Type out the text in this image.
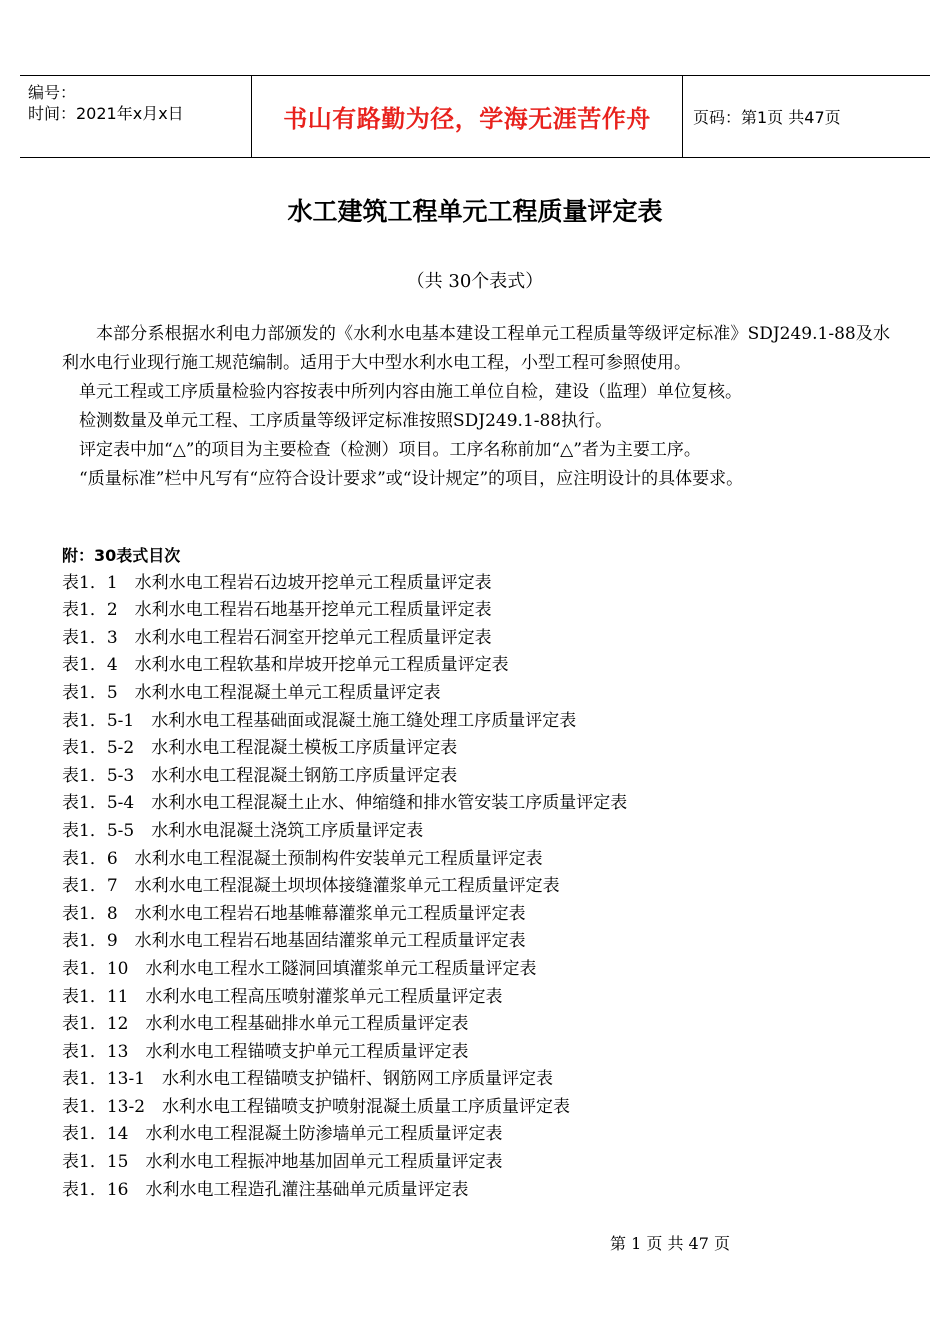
编号：
时间：2021年x月x日	书山有路勤为径，学海无涯苦作舟	页码：第1页 共47页
水工建筑工程单元工程质量评定表
（共 30个表式）

本部分系根据水利电力部颁发的《水利水电基本建设工程单元工程质量等级评定标准》SDJ249.1-88及水利水电行业现行施工规范编制。适用于大中型水利水电工程，小型工程可参照使用。

单元工程或工序质量检验内容按表中所列内容由施工单位自检，建设（监理）单位复核。

检测数量及单元工程、工序质量等级评定标准按照SDJ249.1-88执行。

评定表中加“△”的项目为主要检查（检测）项目。工序名称前加“△”者为主要工序。

“质量标准”栏中凡写有“应符合设计要求”或“设计规定”的项目，应注明设计的具体要求。

附：30表式目次
表1．1　 水利水电工程岩石边坡开挖单元工程质量评定表
表1．2　 水利水电工程岩石地基开挖单元工程质量评定表
表1．3　 水利水电工程岩石洞室开挖单元工程质量评定表
表1．4　 水利水电工程软基和岸坡开挖单元工程质量评定表
表1．5　 水利水电工程混凝土单元工程质量评定表
表1．5-1　 水利水电工程基础面或混凝土施工缝处理工序质量评定表
表1．5-2　 水利水电工程混凝土模板工序质量评定表
表1．5-3　 水利水电工程混凝土钢筋工序质量评定表
表1．5-4　 水利水电工程混凝土止水、伸缩缝和排水管安装工序质量评定表
表1．5-5　 水利水电混凝土浇筑工序质量评定表
表1．6　 水利水电工程混凝土预制构件安装单元工程质量评定表
表1．7　 水利水电工程混凝土坝坝体接缝灌浆单元工程质量评定表
表1．8　 水利水电工程岩石地基帷幕灌浆单元工程质量评定表
表1．9　 水利水电工程岩石地基固结灌浆单元工程质量评定表
表1．10　 水利水电工程水工隧洞回填灌浆单元工程质量评定表
表1．11　 水利水电工程高压喷射灌浆单元工程质量评定表
表1．12　 水利水电工程基础排水单元工程质量评定表
表1．13　 水利水电工程锚喷支护单元工程质量评定表
表1．13-1　 水利水电工程锚喷支护锚杆、钢筋网工序质量评定表
表1．13-2　 水利水电工程锚喷支护喷射混凝土质量工序质量评定表
表1．14　 水利水电工程混凝土防渗墙单元工程质量评定表
表1．15　 水利水电工程振冲地基加固单元工程质量评定表
表1．16　 水利水电工程造孔灌注基础单元质量评定表
第 1 页 共 47 页
